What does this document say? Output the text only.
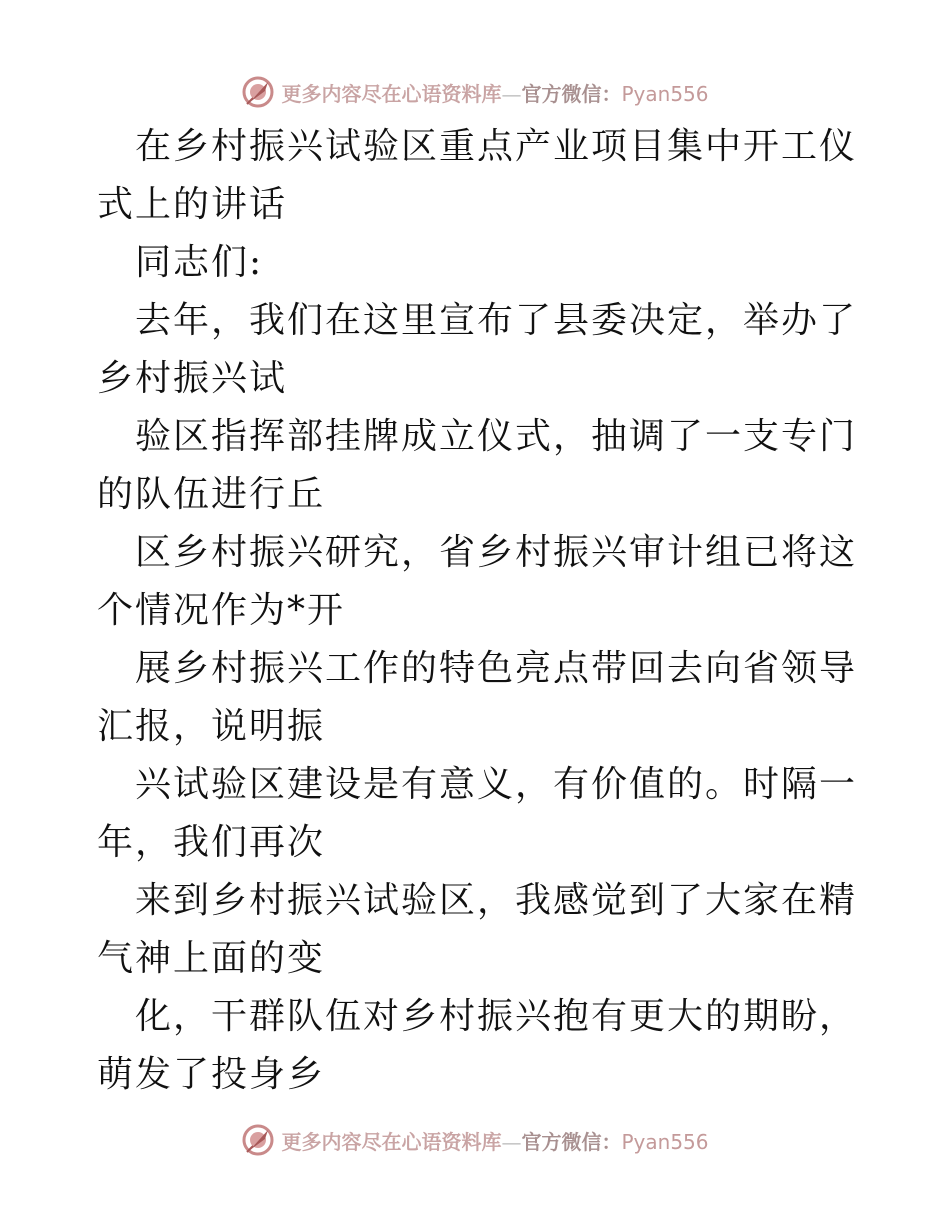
更多内容尽在心语资料库—官方微信：Pyan556

在乡村振兴试验区重点产业项目集中开工仪式上的讲话

同志们:

去年，我们在这里宣布了县委决定，举办了乡村振兴试

验区指挥部挂牌成立仪式，抽调了一支专门的队伍进行丘

区乡村振兴研究，省乡村振兴审计组已将这个情况作为*开

展乡村振兴工作的特色亮点带回去向省领导汇报，说明振

兴试验区建设是有意义，有价值的。时隔一年，我们再次

来到乡村振兴试验区，我感觉到了大家在精气神上面的变

化，干群队伍对乡村振兴抱有更大的期盼，萌发了投身乡

更多内容尽在心语资料库—官方微信：Pyan556
